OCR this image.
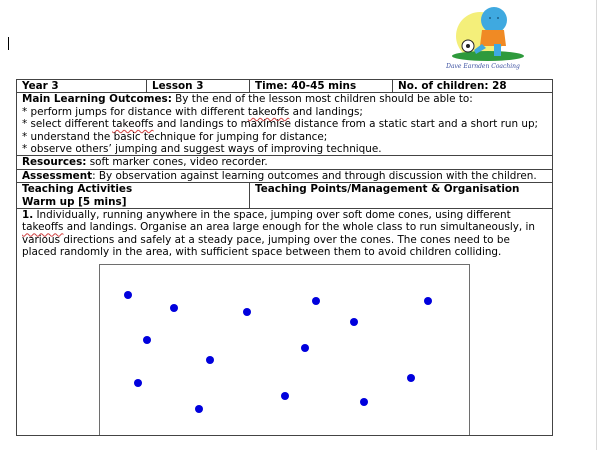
Dave Earnden Coaching
Year 3	Lesson 3	Time: 40-45 mins	No. of children: 28
Main Learning Outcomes: By the end of the lesson most children should be able to:
* perform jumps for distance with different takeoffs and landings;
* select different takeoffs and landings to maximise distance from a static start and a short run up;
* understand the basic technique for jumping for distance;
* observe others’ jumping and suggest ways of improving technique.			
Resources: soft marker cones, video recorder.			
Assessment: By observation against learning outcomes and through discussion with the children.			
Teaching Activities
Warm up [5 mins]		Teaching Points/Management & Organisation	
1. Individually, running anywhere in the space, jumping over soft dome cones, using different takeoffs and landings. Organise an area large enough for the whole class to run simultaneously, in various directions and safely at a steady pace, jumping over the cones. The cones need to be placed randomly in the area, with sufficient space between them to avoid children colliding.			
